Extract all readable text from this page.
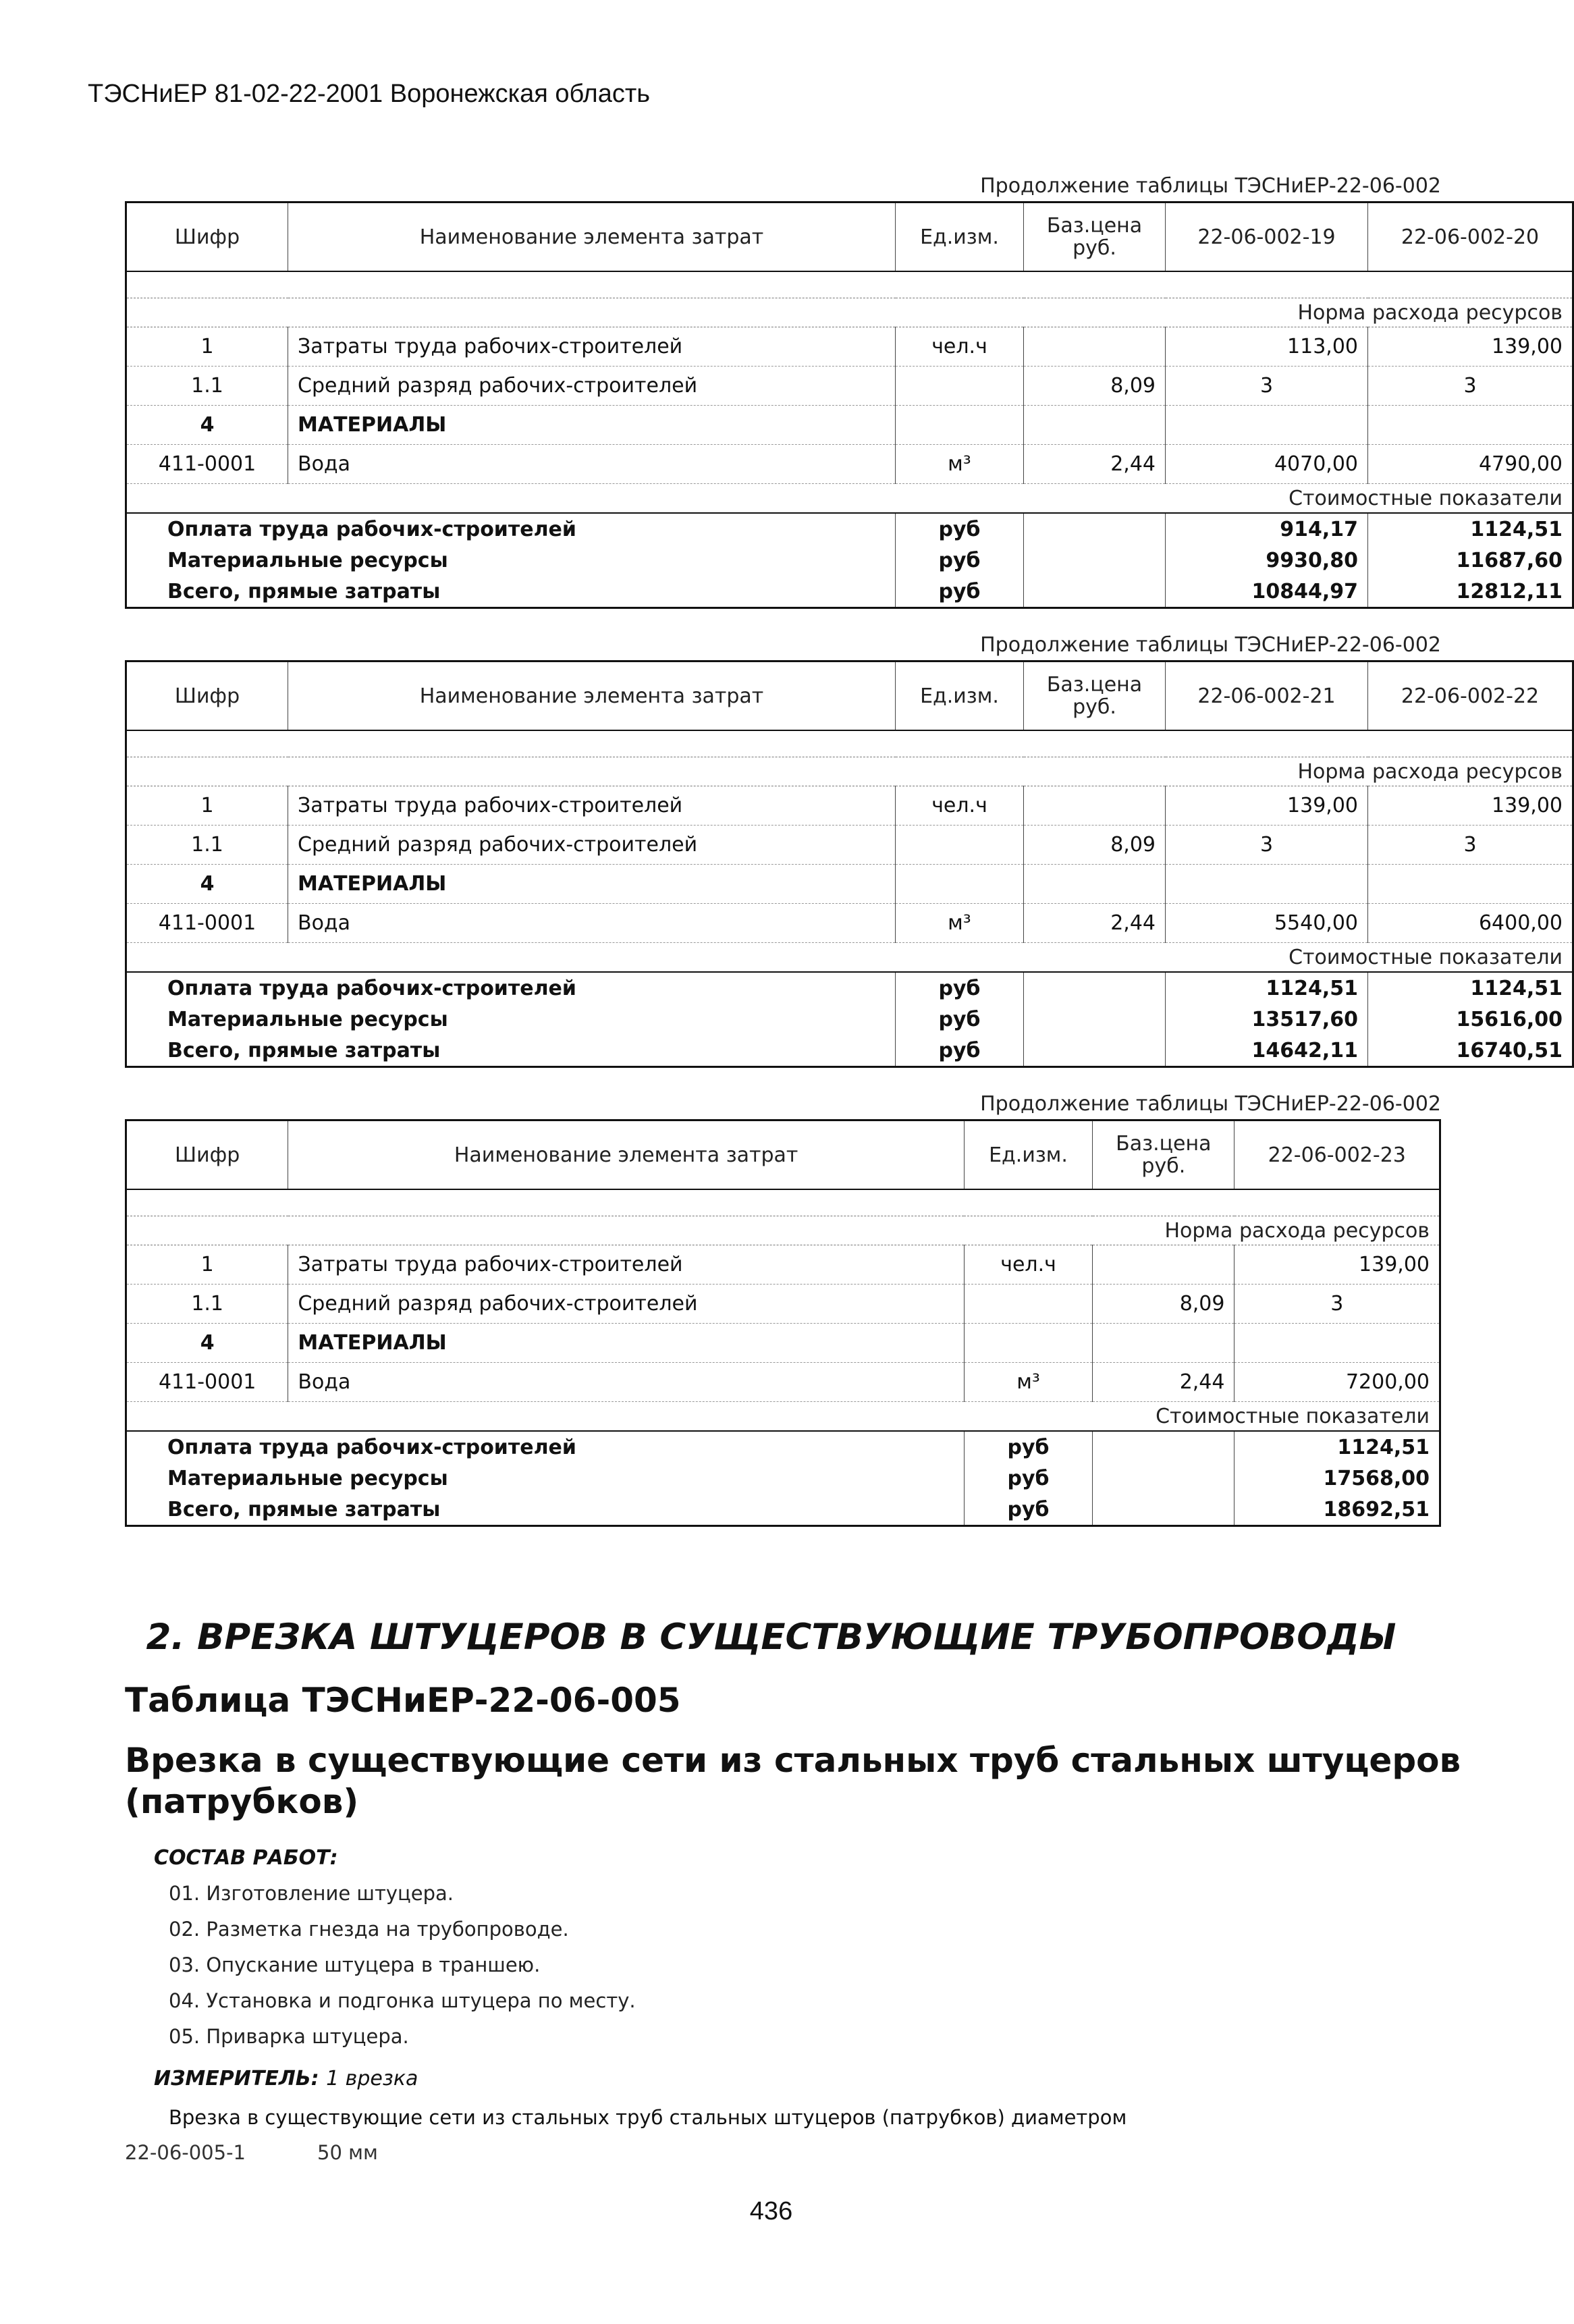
ТЭСНиЕР 81-02-22-2001 Воронежская область
Продолжение таблицы ТЭСНиЕР-22-06-002
Шифр	Наименование элемента затрат	Ед.изм.	Баз.цена руб.	22-06-002-19	22-06-002-20

Норма расхода ресурсов					
1	Затраты труда рабочих-строителей	чел.ч		113,00	139,00
1.1	Средний разряд рабочих-строителей		8,09	3	3
4	МАТЕРИАЛЫ				
411-0001	Вода	м³	2,44	4070,00	4790,00
Стоимостные показатели					
Оплата труда рабочих-строителей		руб		914,17	1124,51
Материальные ресурсы		руб		9930,80	11687,60
Всего, прямые затраты		руб		10844,97	12812,11
Продолжение таблицы ТЭСНиЕР-22-06-002
Шифр	Наименование элемента затрат	Ед.изм.	Баз.цена руб.	22-06-002-21	22-06-002-22

Норма расхода ресурсов					
1	Затраты труда рабочих-строителей	чел.ч		139,00	139,00
1.1	Средний разряд рабочих-строителей		8,09	3	3
4	МАТЕРИАЛЫ				
411-0001	Вода	м³	2,44	5540,00	6400,00
Стоимостные показатели					
Оплата труда рабочих-строителей		руб		1124,51	1124,51
Материальные ресурсы		руб		13517,60	15616,00
Всего, прямые затраты		руб		14642,11	16740,51
Продолжение таблицы ТЭСНиЕР-22-06-002
Шифр	Наименование элемента затрат	Ед.изм.	Баз.цена руб.	22-06-002-23

Норма расхода ресурсов				
1	Затраты труда рабочих-строителей	чел.ч		139,00
1.1	Средний разряд рабочих-строителей		8,09	3
4	МАТЕРИАЛЫ			
411-0001	Вода	м³	2,44	7200,00
Стоимостные показатели				
Оплата труда рабочих-строителей		руб		1124,51
Материальные ресурсы		руб		17568,00
Всего, прямые затраты		руб		18692,51
2. ВРЕЗКА ШТУЦЕРОВ В СУЩЕСТВУЮЩИЕ ТРУБОПРОВОДЫ
Таблица ТЭСНиЕР-22-06-005
Врезка в существующие сети из стальных труб стальных штуцеров (патрубков)
СОСТАВ РАБОТ:
01. Изготовление штуцера.
02. Разметка гнезда на трубопроводе.
03. Опускание штуцера в траншею.
04. Установка и подгонка штуцера по месту.
05. Приварка штуцера.
ИЗМЕРИТЕЛЬ: 1 врезка
Врезка в существующие сети из стальных труб стальных штуцеров (патрубков) диаметром
22-06-005-1	50 мм
436
